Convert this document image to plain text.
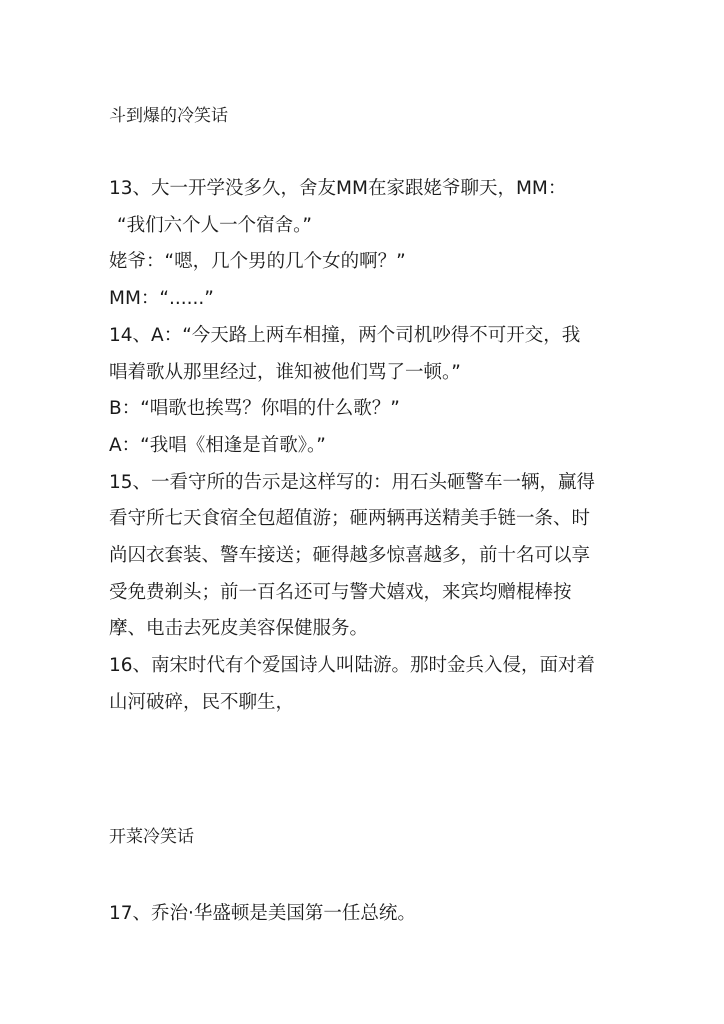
斗到爆的冷笑话

13、大一开学没多久，舍友MM在家跟姥爷聊天，MM：

“我们六个人一个宿舍。”

姥爷：“嗯，几个男的几个女的啊？”

MM：“......”

14、A：“今天路上两车相撞，两个司机吵得不可开交，我

唱着歌从那里经过，谁知被他们骂了一顿。”

B：“唱歌也挨骂？你唱的什么歌？”

A：“我唱《相逢是首歌》。”

15、一看守所的告示是这样写的：用石头砸警车一辆，赢得

看守所七天食宿全包超值游；砸两辆再送精美手链一条、时

尚囚衣套装、警车接送；砸得越多惊喜越多，前十名可以享

受免费剃头；前一百名还可与警犬嬉戏，来宾均赠棍棒按

摩、电击去死皮美容保健服务。

16、南宋时代有个爱国诗人叫陆游。那时金兵入侵，面对着

山河破碎，民不聊生，

开菜冷笑话

17、乔治·华盛顿是美国第一任总统。
